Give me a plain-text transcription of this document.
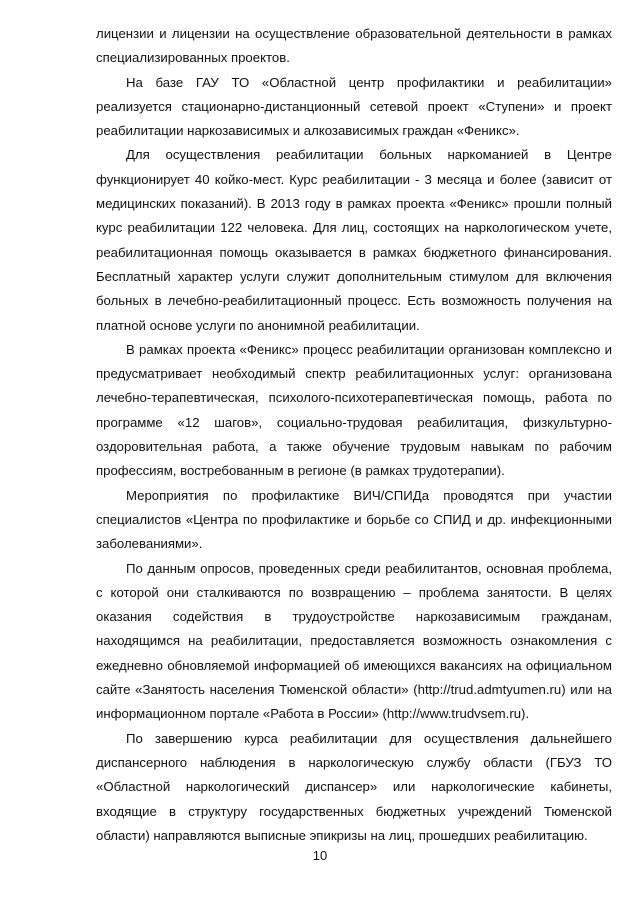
лицензии и лицензии на осуществление образовательной деятельности в рамках специализированных проектов.

На базе ГАУ ТО «Областной центр профилактики и реабилитации» реализуется стационарно-дистанционный сетевой проект «Ступени» и проект реабилитации наркозависимых и алкозависимых граждан «Феникс».

Для осуществления реабилитации больных наркоманией в Центре функционирует 40 койко-мест. Курс реабилитации - 3 месяца и более (зависит от медицинских показаний). В 2013 году в рамках проекта «Феникс» прошли полный курс реабилитации 122 человека. Для лиц, состоящих на наркологическом учете, реабилитационная помощь оказывается в рамках бюджетного финансирования. Бесплатный характер услуги служит дополнительным стимулом для включения больных в лечебно-реабилитационный процесс. Есть возможность получения на платной основе услуги по анонимной реабилитации.

В рамках проекта «Феникс» процесс реабилитации организован комплексно и предусматривает необходимый спектр реабилитационных услуг: организована лечебно-терапевтическая, психолого-психотерапевтическая помощь, работа по программе «12 шагов», социально-трудовая реабилитация, физкультурно-оздоровительная работа, а также обучение трудовым навыкам по рабочим профессиям, востребованным в регионе (в рамках трудотерапии).

Мероприятия по профилактике ВИЧ/СПИДа проводятся при участии специалистов «Центра по профилактике и борьбе со СПИД и др. инфекционными заболеваниями».

По данным опросов, проведенных среди реабилитантов, основная проблема, с которой они сталкиваются по возвращению – проблема занятости. В целях оказания содействия в трудоустройстве наркозависимым гражданам, находящимся на реабилитации, предоставляется возможность ознакомления с ежедневно обновляемой информацией об имеющихся вакансиях на официальном сайте «Занятость населения Тюменской области» (http://trud.admtyumen.ru) или на информационном портале «Работа в России» (http://www.trudvsem.ru).

По завершению курса реабилитации для осуществления дальнейшего диспансерного наблюдения в наркологическую службу области (ГБУЗ ТО «Областной наркологический диспансер» или наркологические кабинеты, входящие в структуру государственных бюджетных учреждений Тюменской области) направляются выписные эпикризы на лиц, прошедших реабилитацию.

10
